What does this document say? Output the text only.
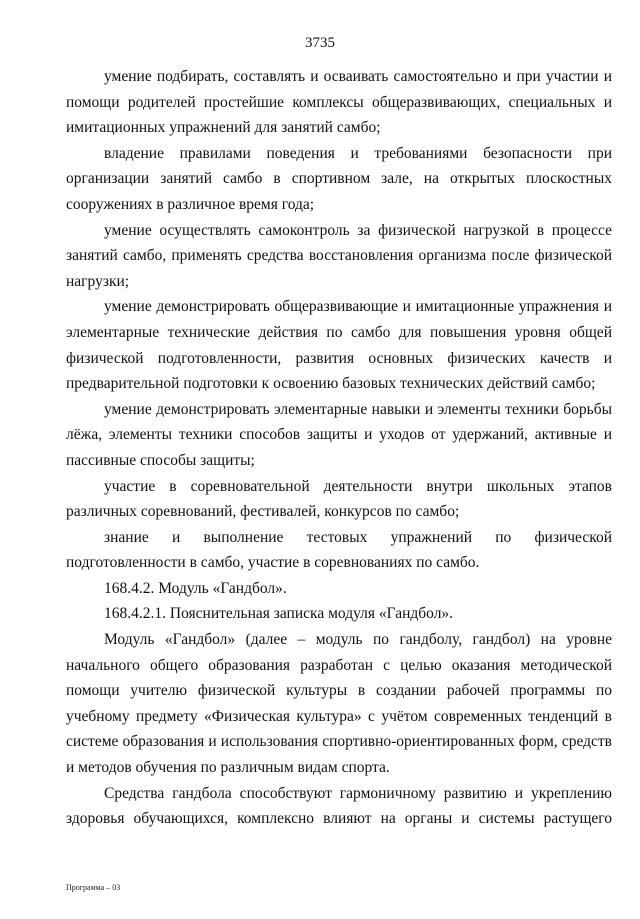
3735

умение подбирать, составлять и осваивать самостоятельно и при участии и помощи родителей простейшие комплексы общеразвивающих, специальных и имитационных упражнений для занятий самбо;

владение правилами поведения и требованиями безопасности при организации занятий самбо в спортивном зале, на открытых плоскостных сооружениях в различное время года;

умение осуществлять самоконтроль за физической нагрузкой в процессе занятий самбо, применять средства восстановления организма после физической нагрузки;

умение демонстрировать общеразвивающие и имитационные упражнения и элементарные технические действия по самбо для повышения уровня общей физической подготовленности, развития основных физических качеств и предварительной подготовки к освоению базовых технических действий самбо;

умение демонстрировать элементарные навыки и элементы техники борьбы лёжа, элементы техники способов защиты и уходов от удержаний, активные и пассивные способы защиты;

участие в соревновательной деятельности внутри школьных этапов различных соревнований, фестивалей, конкурсов по самбо;

знание и выполнение тестовых упражнений по физической подготовленности в самбо, участие в соревнованиях по самбо.

168.4.2. Модуль «Гандбол».

168.4.2.1. Пояснительная записка модуля «Гандбол».

Модуль «Гандбол» (далее – модуль по гандболу, гандбол) на уровне начального общего образования разработан с целью оказания методической помощи учителю физической культуры в создании рабочей программы по учебному предмету «Физическая культура» с учётом современных тенденций в системе образования и использования спортивно-ориентированных форм, средств и методов обучения по различным видам спорта.

Средства гандбола способствуют гармоничному развитию и укреплению здоровья обучающихся, комплексно влияют на органы и системы растущего

Программа – 03
